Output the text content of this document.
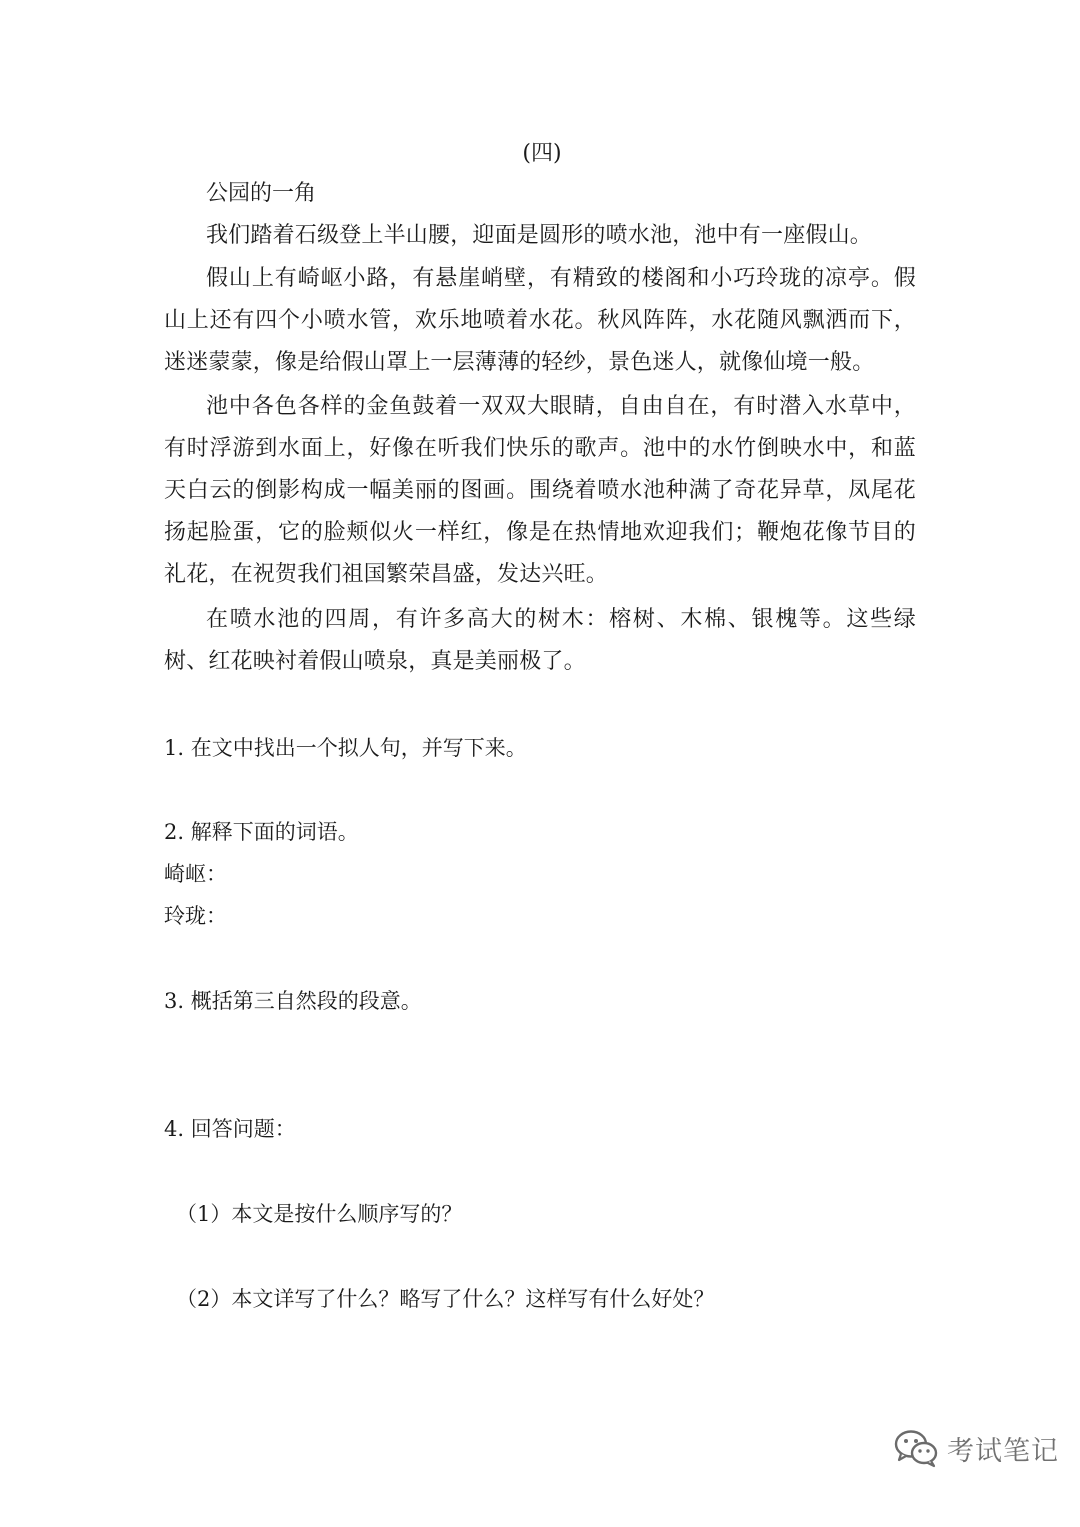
(四)
公园的一角

我们踏着石级登上半山腰，迎面是圆形的喷水池，池中有一座假山。

假山上有崎岖小路，有悬崖峭壁，有精致的楼阁和小巧玲珑的凉亭。假山上还有四个小喷水管，欢乐地喷着水花。秋风阵阵，水花随风飘洒而下，迷迷蒙蒙，像是给假山罩上一层薄薄的轻纱，景色迷人，就像仙境一般。

池中各色各样的金鱼鼓着一双双大眼睛，自由自在，有时潜入水草中，有时浮游到水面上，好像在听我们快乐的歌声。池中的水竹倒映水中，和蓝天白云的倒影构成一幅美丽的图画。围绕着喷水池种满了奇花异草，凤尾花扬起脸蛋，它的脸颊似火一样红，像是在热情地欢迎我们；鞭炮花像节目的礼花，在祝贺我们祖国繁荣昌盛，发达兴旺。

在喷水池的四周，有许多高大的树木：榕树、木棉、银槐等。这些绿树、红花映衬着假山喷泉，真是美丽极了。

1. 在文中找出一个拟人句，并写下来。
2. 解释下面的词语。
崎岖：
玲珑：
3. 概括第三自然段的段意。
4. 回答问题：
（1）本文是按什么顺序写的？
（2）本文详写了什么？略写了什么？这样写有什么好处？
考试笔记
